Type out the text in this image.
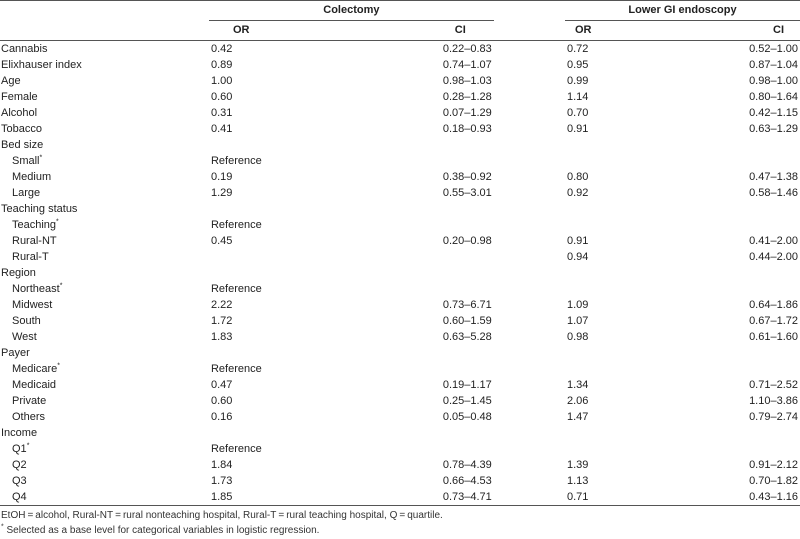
	Colectomy			Lower GI endoscopy	
	OR	CI		OR	CI
Cannabis	0.42	0.22–0.83		0.72	0.52–1.00
Elixhauser index	0.89	0.74–1.07		0.95	0.87–1.04
Age	1.00	0.98–1.03		0.99	0.98–1.00
Female	0.60	0.28–1.28		1.14	0.80–1.64
Alcohol	0.31	0.07–1.29		0.70	0.42–1.15
Tobacco	0.41	0.18–0.93		0.91	0.63–1.29
Bed size					
Small*	Reference				
Medium	0.19	0.38–0.92		0.80	0.47–1.38
Large	1.29	0.55–3.01		0.92	0.58–1.46
Teaching status					
Teaching*	Reference				
Rural-NT	0.45	0.20–0.98		0.91	0.41–2.00
Rural-T				0.94	0.44–2.00
Region					
Northeast*	Reference				
Midwest	2.22	0.73–6.71		1.09	0.64–1.86
South	1.72	0.60–1.59		1.07	0.67–1.72
West	1.83	0.63–5.28		0.98	0.61–1.60
Payer					
Medicare*	Reference				
Medicaid	0.47	0.19–1.17		1.34	0.71–2.52
Private	0.60	0.25–1.45		2.06	1.10–3.86
Others	0.16	0.05–0.48		1.47	0.79–2.74
Income					
Q1*	Reference				
Q2	1.84	0.78–4.39		1.39	0.91–2.12
Q3	1.73	0.66–4.53		1.13	0.70–1.82
Q4	1.85	0.73–4.71		0.71	0.43–1.16
EtOH = alcohol, Rural-NT = rural nonteaching hospital, Rural-T = rural teaching hospital, Q = quartile.
* Selected as a base level for categorical variables in logistic regression.
